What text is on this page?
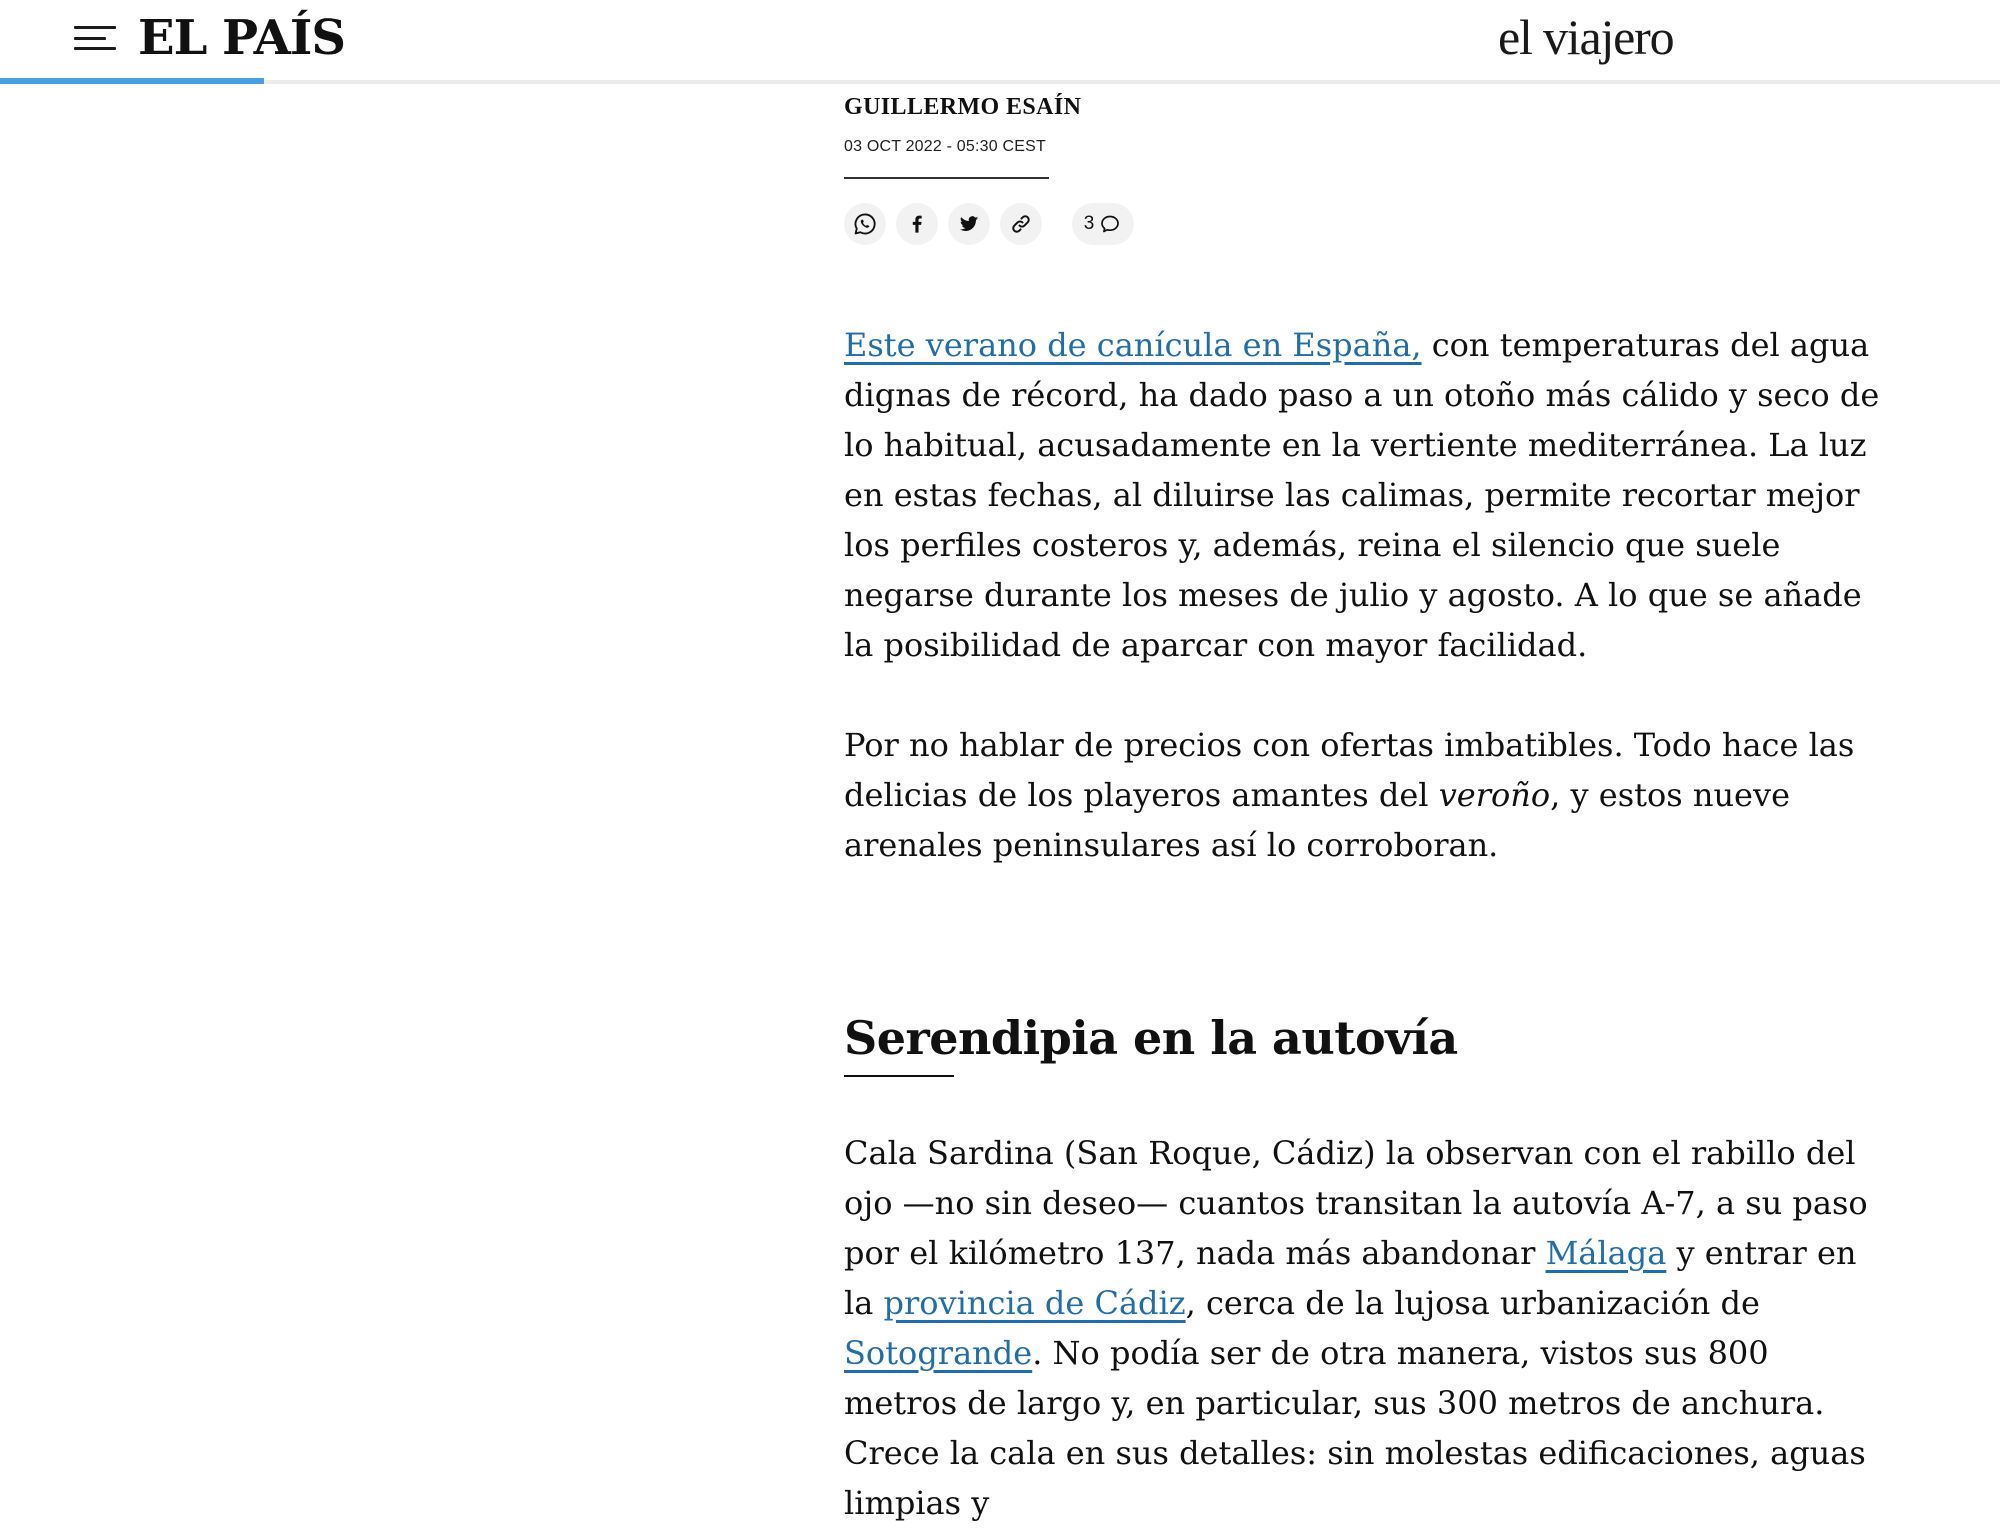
EL PAÍS	el viajero
GUILLERMO ESAÍN
03 OCT 2022 - 05:30 CEST
3

Este verano de canícula en España, con temperaturas del agua dignas de récord, ha dado paso a un otoño más cálido y seco de lo habitual, acusadamente en la vertiente mediterránea. La luz en estas fechas, al diluirse las calimas, permite recortar mejor los perfiles costeros y, además, reina el silencio que suele negarse durante los meses de julio y agosto. A lo que se añade la posibilidad de aparcar con mayor facilidad.

Por no hablar de precios con ofertas imbatibles. Todo hace las delicias de los playeros amantes del veroño, y estos nueve arenales peninsulares así lo corroboran.

Serendipia en la autovía

Cala Sardina (San Roque, Cádiz) la observan con el rabillo del ojo —no sin deseo— cuantos transitan la autovía A-7, a su paso por el kilómetro 137, nada más abandonar Málaga y entrar en la provincia de Cádiz, cerca de la lujosa urbanización de Sotogrande. No podía ser de otra manera, vistos sus 800 metros de largo y, en particular, sus 300 metros de anchura. Crece la cala en sus detalles: sin molestas edificaciones, aguas limpias y
